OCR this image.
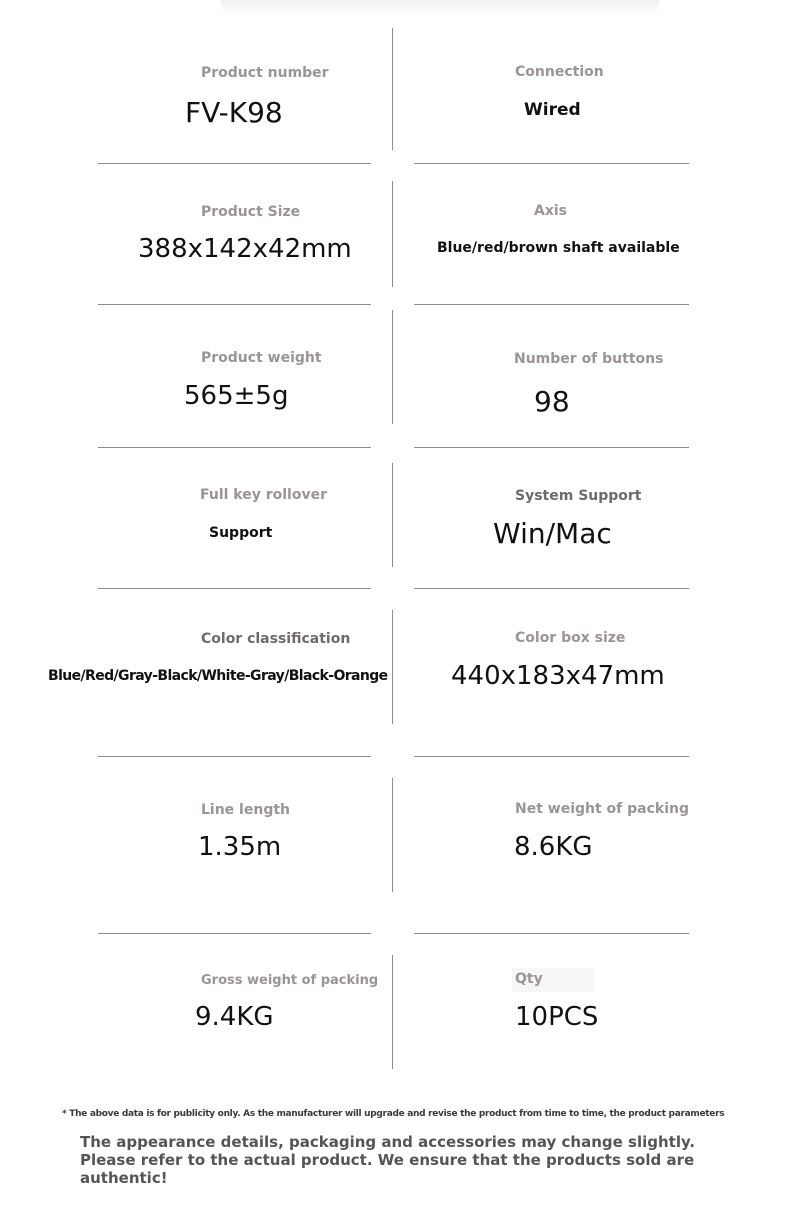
Product number
FV-K98
Connection
Wired
Product Size
388x142x42mm
Axis
Blue/red/brown shaft available
Product weight
565±5g
Number of buttons
98
Full key rollover
Support
System Support
Win/Mac
Color classification
Blue/Red/Gray-Black/White-Gray/Black-Orange
Color box size
440x183x47mm
Line length
1.35m
Net weight of packing
8.6KG
Gross weight of packing
9.4KG
Qty
10PCS
* The above data is for publicity only. As the manufacturer will upgrade and revise the product from time to time, the product parameters
The appearance details, packaging and accessories may change slightly. Please refer to the actual product. We ensure that the products sold are authentic!
